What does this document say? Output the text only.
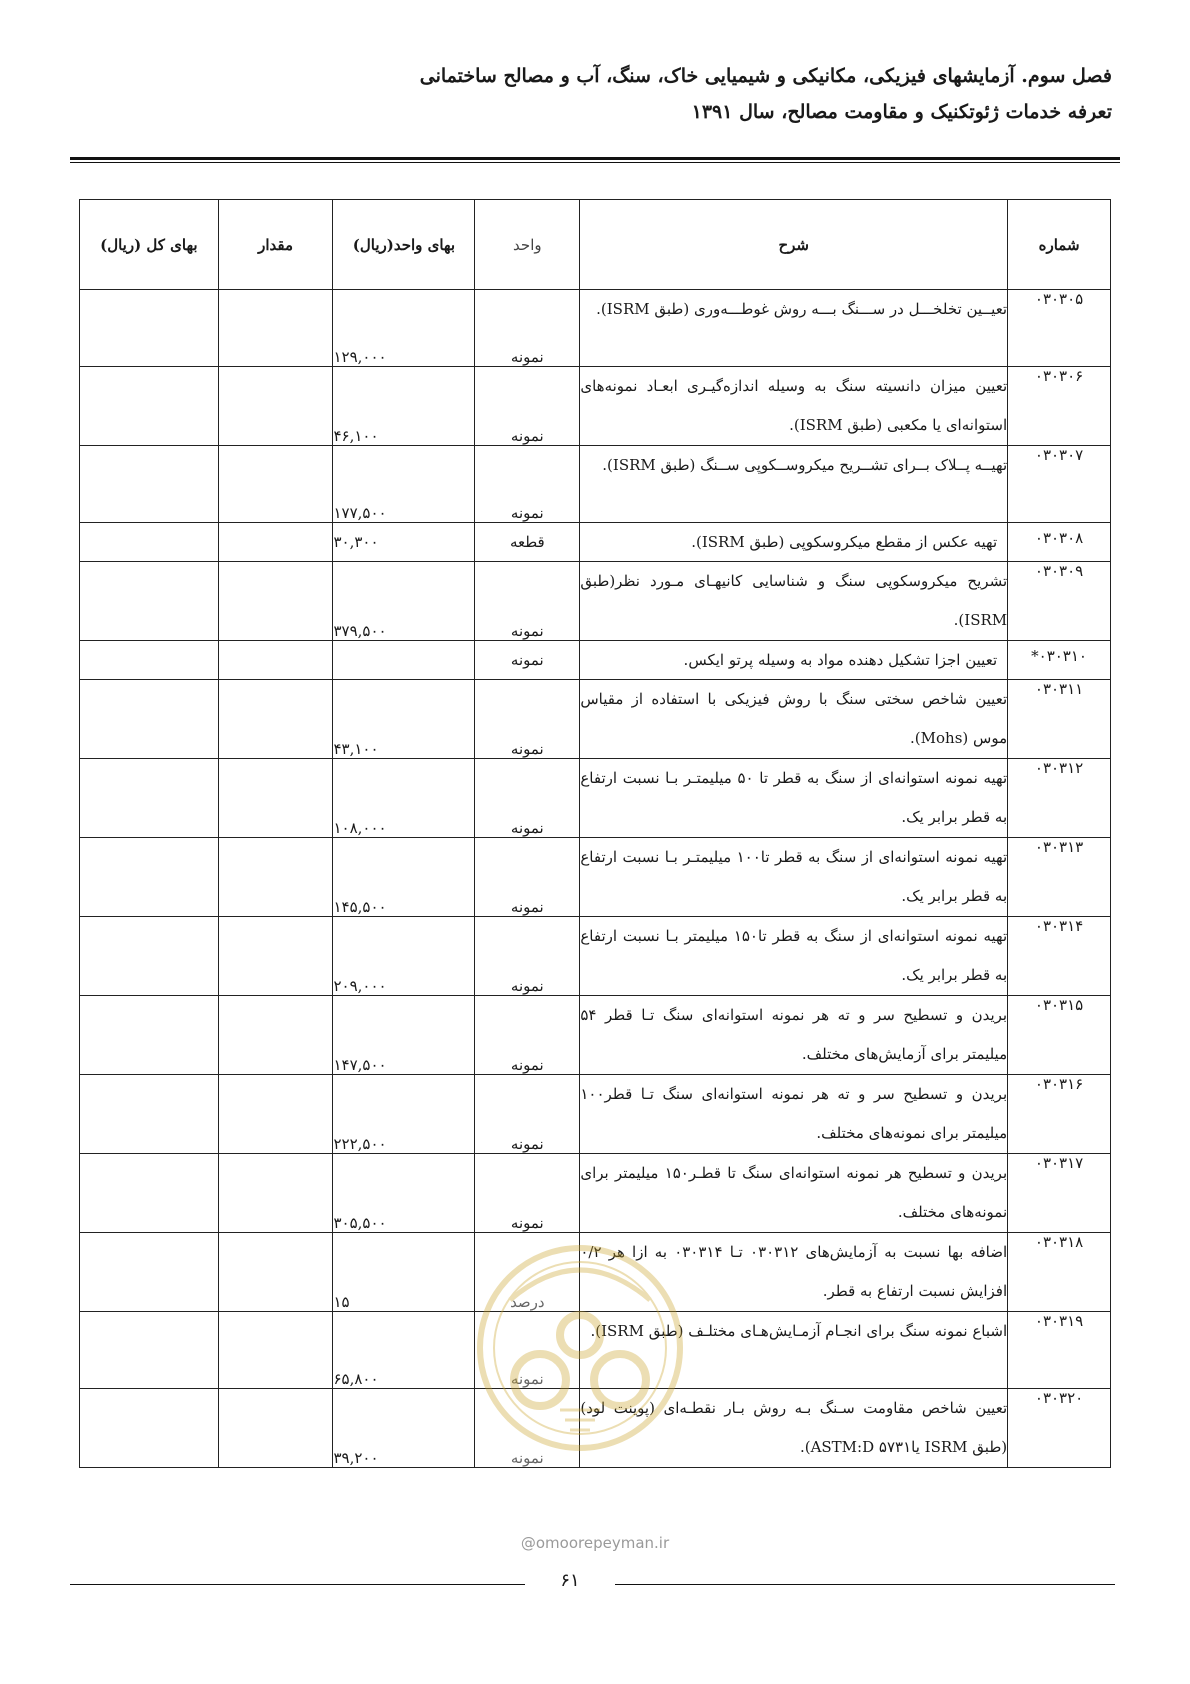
فصل سوم. آزمایشهای فیزیکی، مکانیکی و شیمیایی خاک، سنگ، آب و مصالح ساختمانی
تعرفه خدمات ژئوتکنیک و مقاومت مصالح، سال ۱۳۹۱
شماره	شرح	واحد	بهای واحد(ریال)	مقدار	بهای کل (ریال)
۰۳۰۳۰۵	تعیــین تخلخـــل در ســـنگ بـــه روش غوطـــه‌وری (طبق ISRM).	نمونه	۱۲۹,۰۰۰		
۰۳۰۳۰۶	تعیین میزان دانسیته سنگ به وسیله اندازه‌گیـری ابعـاد نمونه‌های استوانه‌ای یا مکعبی (طبق ISRM).	نمونه	۴۶,۱۰۰		
۰۳۰۳۰۷	تهیــه پــلاک بــرای تشــریح میکروســکوپی ســنگ (طبق ISRM).	نمونه	۱۷۷,۵۰۰		
۰۳۰۳۰۸	تهیه عکس از مقطع میکروسکوپی (طبق ISRM).	قطعه	۳۰,۳۰۰		
۰۳۰۳۰۹	تشریح میکروسکوپی سنگ و شناسایی کانیهـای مـورد نظر(طبق ISRM).	نمونه	۳۷۹,۵۰۰		
۰۳۰۳۱۰*	تعیین اجزا تشکیل دهنده مواد به وسیله پرتو ایکس.	نمونه			
۰۳۰۳۱۱	تعیین شاخص سختی سنگ با روش فیزیکی با استفاده از مقیاس موس (Mohs).	نمونه	۴۳,۱۰۰		
۰۳۰۳۱۲	تهیه نمونه استوانه‌ای از سنگ به قطر تا ۵۰ میلیمتـر بـا نسبت ارتفاع به قطر برابر یک.	نمونه	۱۰۸,۰۰۰		
۰۳۰۳۱۳	تهیه نمونه استوانه‌ای از سنگ به قطر تا۱۰۰ میلیمتـر بـا نسبت ارتفاع به قطر برابر یک.	نمونه	۱۴۵,۵۰۰		
۰۳۰۳۱۴	تهیه نمونه استوانه‌ای از سنگ به قطر تا۱۵۰ میلیمتر بـا نسبت ارتفاع به قطر برابر یک.	نمونه	۲۰۹,۰۰۰		
۰۳۰۳۱۵	بریدن و تسطیح سر و ته هر نمونه استوانه‌ای سنگ تـا قطر ۵۴ میلیمتر برای آزمایش‌های مختلف.	نمونه	۱۴۷,۵۰۰		
۰۳۰۳۱۶	بریدن و تسطیح سر و ته هر نمونه استوانه‌ای سنگ تـا قطر۱۰۰ میلیمتر برای نمونه‌های مختلف.	نمونه	۲۲۲,۵۰۰		
۰۳۰۳۱۷	بریدن و تسطیح هر نمونه استوانه‌ای سنگ تا قطـر۱۵۰ میلیمتر برای نمونه‌های مختلف.	نمونه	۳۰۵,۵۰۰		
۰۳۰۳۱۸	اضافه بها نسبت به آزمایش‌های ۰۳۰۳۱۲ تـا ۰۳۰۳۱۴ به ازا هر ۰/۲ افزایش نسبت ارتفاع به قطر.	درصد	۱۵		
۰۳۰۳۱۹	اشباع نمونه سنگ برای انجـام آزمـایش‌هـای مختلـف (طبق ISRM).	نمونه	۶۵,۸۰۰		
۰۳۰۳۲۰	تعیین شاخص مقاومت سـنگ بـه روش بـار نقطـه‌ای (پوینت لود) (طبق ISRM یا۵۷۳۱ ASTM:D).	نمونه	۳۹,۲۰۰		
@omoorepeyman.ir
۶۱
